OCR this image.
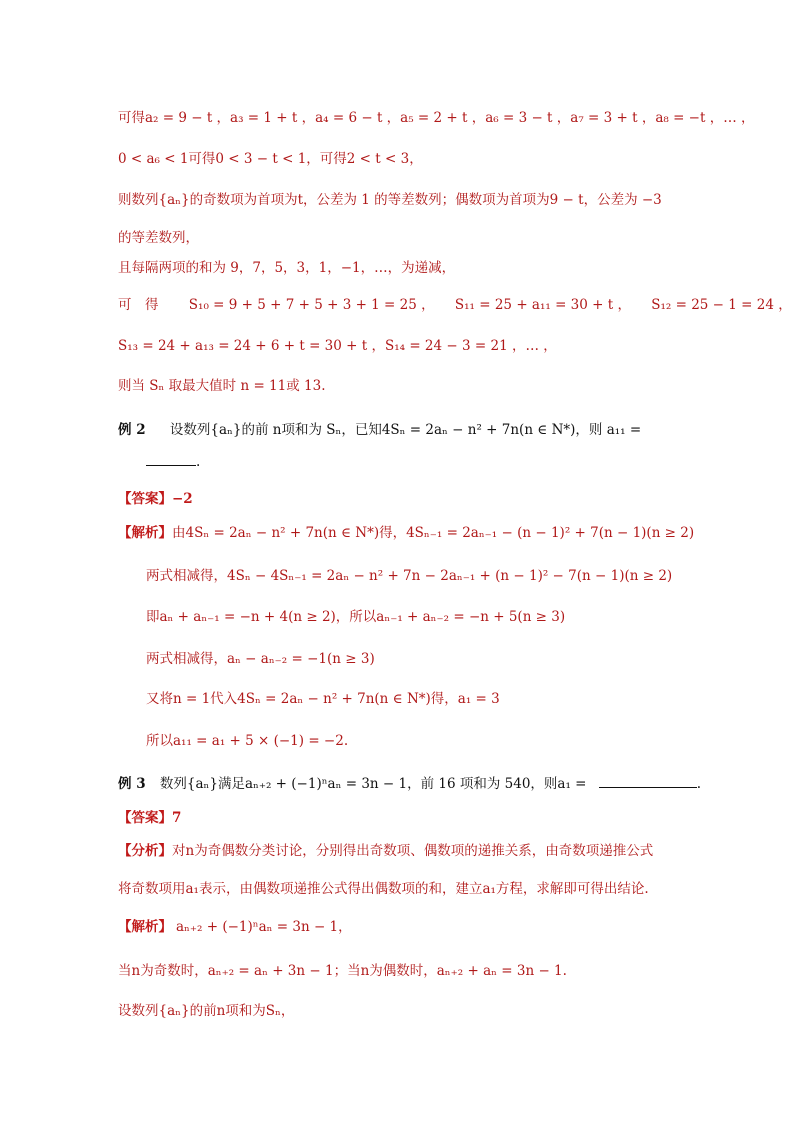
可得a₂ = 9 − t ，a₃ = 1 + t ，a₄ = 6 − t ，a₅ = 2 + t ，a₆ = 3 − t ，a₇ = 3 + t ，a₈ = −t ，… ，
0 < a₆ < 1可得0 < 3 − t < 1，可得2 < t < 3，
则数列{aₙ}的奇数项为首项为t，公差为 1 的等差数列；偶数项为首项为9 − t，公差为 −3
的等差数列，
且每隔两项的和为 9，7，5，3，1，−1，…，为递减，
可　得 S₁₀ = 9 + 5 + 7 + 5 + 3 + 1 = 25 ，　　S₁₁ = 25 + a₁₁ = 30 + t ，　　S₁₂ = 25 − 1 = 24 ，
S₁₃ = 24 + a₁₃ = 24 + 6 + t = 30 + t ，S₁₄ = 24 − 3 = 21 ，… ，
则当 Sₙ 取最大值时 n = 11或 13.
例 2 设数列{aₙ}的前 n项和为 Sₙ，已知4Sₙ = 2aₙ − n² + 7n(n ∈ N*)，则 a₁₁ =
.
【答案】−2
【解析】由4Sₙ = 2aₙ − n² + 7n(n ∈ N*)得，4Sₙ₋₁ = 2aₙ₋₁ − (n − 1)² + 7(n − 1)(n ≥ 2)
两式相减得，4Sₙ − 4Sₙ₋₁ = 2aₙ − n² + 7n − 2aₙ₋₁ + (n − 1)² − 7(n − 1)(n ≥ 2)
即aₙ + aₙ₋₁ = −n + 4(n ≥ 2)，所以aₙ₋₁ + aₙ₋₂ = −n + 5(n ≥ 3)
两式相减得，aₙ − aₙ₋₂ = −1(n ≥ 3)
又将n = 1代入4Sₙ = 2aₙ − n² + 7n(n ∈ N*)得，a₁ = 3
所以a₁₁ = a₁ + 5 × (−1) = −2.
例 3 数列{aₙ}满足aₙ₊₂ + (−1)ⁿaₙ = 3n − 1，前 16 项和为 540，则a₁ =	.
【答案】7
【分析】对n为奇偶数分类讨论，分别得出奇数项、偶数项的递推关系，由奇数项递推公式
将奇数项用a₁表示，由偶数项递推公式得出偶数项的和，建立a₁方程，求解即可得出结论.
【解析】 aₙ₊₂ + (−1)ⁿaₙ = 3n − 1，
当n为奇数时，aₙ₊₂ = aₙ + 3n − 1；当n为偶数时，aₙ₊₂ + aₙ = 3n − 1.
设数列{aₙ}的前n项和为Sₙ，
